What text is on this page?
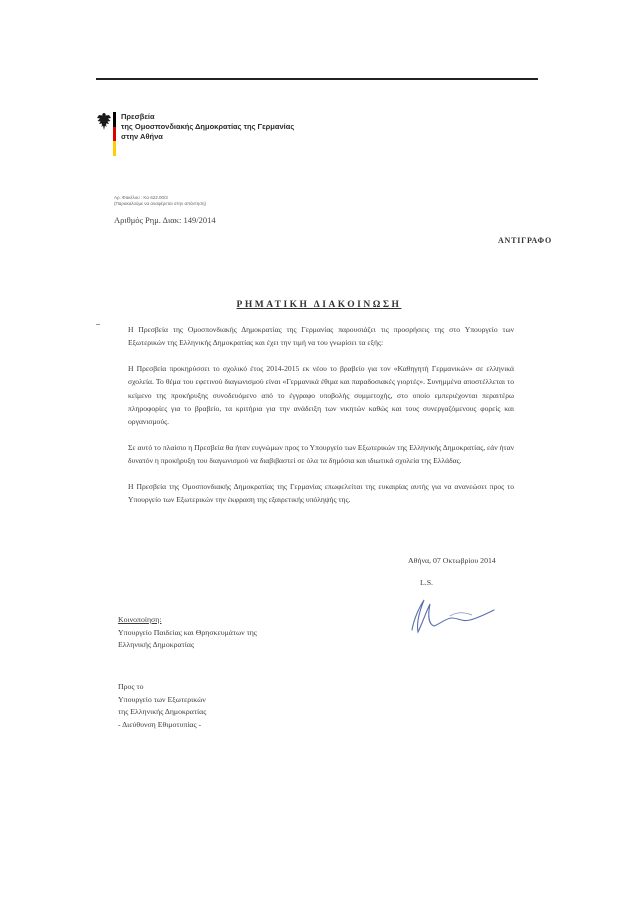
Πρεσβεία
της Ομοσπονδιακής Δημοκρατίας της Γερμανίας
στην Αθήνα
Αρ. Φακέλου : Κα 622.00/3
(Παρακαλούμε να αναφέρεται στην απάντηση)
Αριθμός Ρημ. Διακ: 149/2014
ΑΝΤΙΓΡΑΦΟ
ΡΗΜΑΤΙΚΗ ΔΙΑΚΟΙΝΩΣΗ

Η Πρεσβεία της Ομοσπονδιακής Δημοκρατίας της Γερμανίας παρουσιάζει τις προσρήσεις της στο Υπουργείο των Εξωτερικών της Ελληνικής Δημοκρατίας και έχει την τιμή να του γνωρίσει τα εξής:

Η Πρεσβεία προκηρύσσει το σχολικό έτος 2014-2015 εκ νέου το βραβείο για τον «Καθηγητή Γερμανικών» σε ελληνικά σχολεία. Το θέμα του εφετινού διαγωνισμού είναι «Γερμανικά έθιμα και παραδοσιακές γιορτές». Συνημμένα αποστέλλεται το κείμενο της προκήρυξης συνοδευόμενο από το έγγραφο υποβολής συμμετοχής, στο οποίο εμπεριέχονται περαιτέρω πληροφορίες για το βραβείο, τα κριτήρια για την ανάδειξη των νικητών καθώς και τους συνεργαζόμενους φορείς και οργανισμούς.

Σε αυτό το πλαίσιο η Πρεσβεία θα ήταν ευγνώμων προς το Υπουργείο των Εξωτερικών της Ελληνικής Δημοκρατίας, εάν ήταν δυνατόν η προκήρυξη του διαγωνισμού να διαβιβαστεί σε όλα τα δημόσια και ιδιωτικά σχολεία της Ελλάδας.

Η Πρεσβεία της Ομοσπονδιακής Δημοκρατίας της Γερμανίας επωφελείται της ευκαιρίας αυτής για να ανανεώσει προς το Υπουργείο των Εξωτερικών την έκφραση της εξαιρετικής υπόληψής της.

Αθήνα, 07 Οκτωβρίου 2014
L.S.
Κοινοποίηση:
Υπουργείο Παιδείας και Θρησκευμάτων της
Ελληνικής Δημοκρατίας
Προς το
Υπουργείο των Εξωτερικών
της Ελληνικής Δημοκρατίας
- Διεύθυνση Εθιμοτυπίας -
